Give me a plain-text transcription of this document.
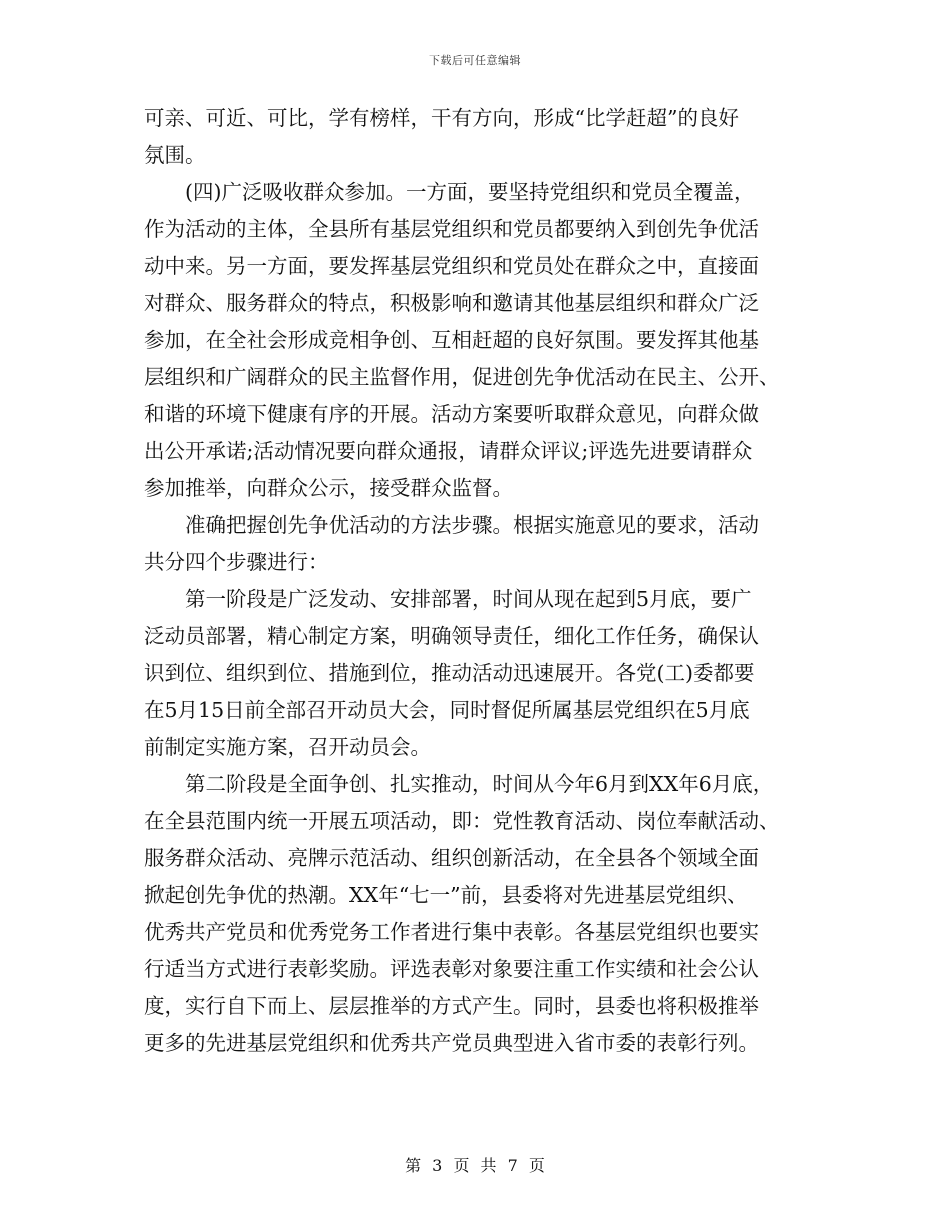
下载后可任意编辑
可亲、可近、可比，学有榜样，干有方向，形成“比学赶超”的良好
氛围。
(四)广泛吸收群众参加。一方面，要坚持党组织和党员全覆盖，
作为活动的主体，全县所有基层党组织和党员都要纳入到创先争优活
动中来。另一方面，要发挥基层党组织和党员处在群众之中，直接面
对群众、服务群众的特点，积极影响和邀请其他基层组织和群众广泛
参加，在全社会形成竞相争创、互相赶超的良好氛围。要发挥其他基
层组织和广阔群众的民主监督作用，促进创先争优活动在民主、公开、
和谐的环境下健康有序的开展。活动方案要听取群众意见，向群众做
出公开承诺;活动情况要向群众通报，请群众评议;评选先进要请群众
参加推举，向群众公示，接受群众监督。
准确把握创先争优活动的方法步骤。根据实施意见的要求，活动
共分四个步骤进行：
第一阶段是广泛发动、安排部署，时间从现在起到5月底，要广
泛动员部署，精心制定方案，明确领导责任，细化工作任务，确保认
识到位、组织到位、措施到位，推动活动迅速展开。各党(工)委都要
在5月15日前全部召开动员大会，同时督促所属基层党组织在5月底
前制定实施方案，召开动员会。
第二阶段是全面争创、扎实推动，时间从今年6月到XX年6月底，
在全县范围内统一开展五项活动，即：党性教育活动、岗位奉献活动、
服务群众活动、亮牌示范活动、组织创新活动，在全县各个领域全面
掀起创先争优的热潮。XX年“七一”前，县委将对先进基层党组织、
优秀共产党员和优秀党务工作者进行集中表彰。各基层党组织也要实
行适当方式进行表彰奖励。评选表彰对象要注重工作实绩和社会公认
度，实行自下而上、层层推举的方式产生。同时，县委也将积极推举
更多的先进基层党组织和优秀共产党员典型进入省市委的表彰行列。
第 3 页 共 7 页
